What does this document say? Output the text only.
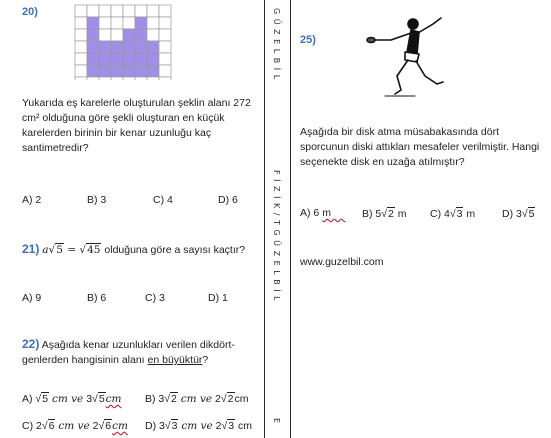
20)
Yukarıda eş karelerle oluşturulan şeklin alanı 272 cm² olduğuna göre şekli oluşturan en küçük karelerden birinin bir kenar uzunluğu kaç santimetredir?
A) 2	B) 3	C) 4	D) 6
21) a√5 = √45 olduğuna göre a sayısı kaçtır?
A) 9	B) 6	C) 3	D) 1
22) Aşağıda kenar uzunlukları verilen dikdört-
genlerden hangisinin alanı en büyüktür?
A) √5 cm ve 3√5cm B) 3√2 cm ve 2√2cm
C) 2√6 cm ve 2√6cm D) 3√3 cm ve 2√3 cm
G Ü Z E L B İ L
F İ Z İ K / T G Ü Z E L B İ L
E
25)
Aşağıda bir disk atma müsabakasında dört sporcunun diski attıkları mesafeler verilmiştir. Hangi seçenekte disk en uzağa atılmıştır?
A) 6 m B) 5√2 m C) 4√3 m	D) 3√5
www.guzelbil.com
